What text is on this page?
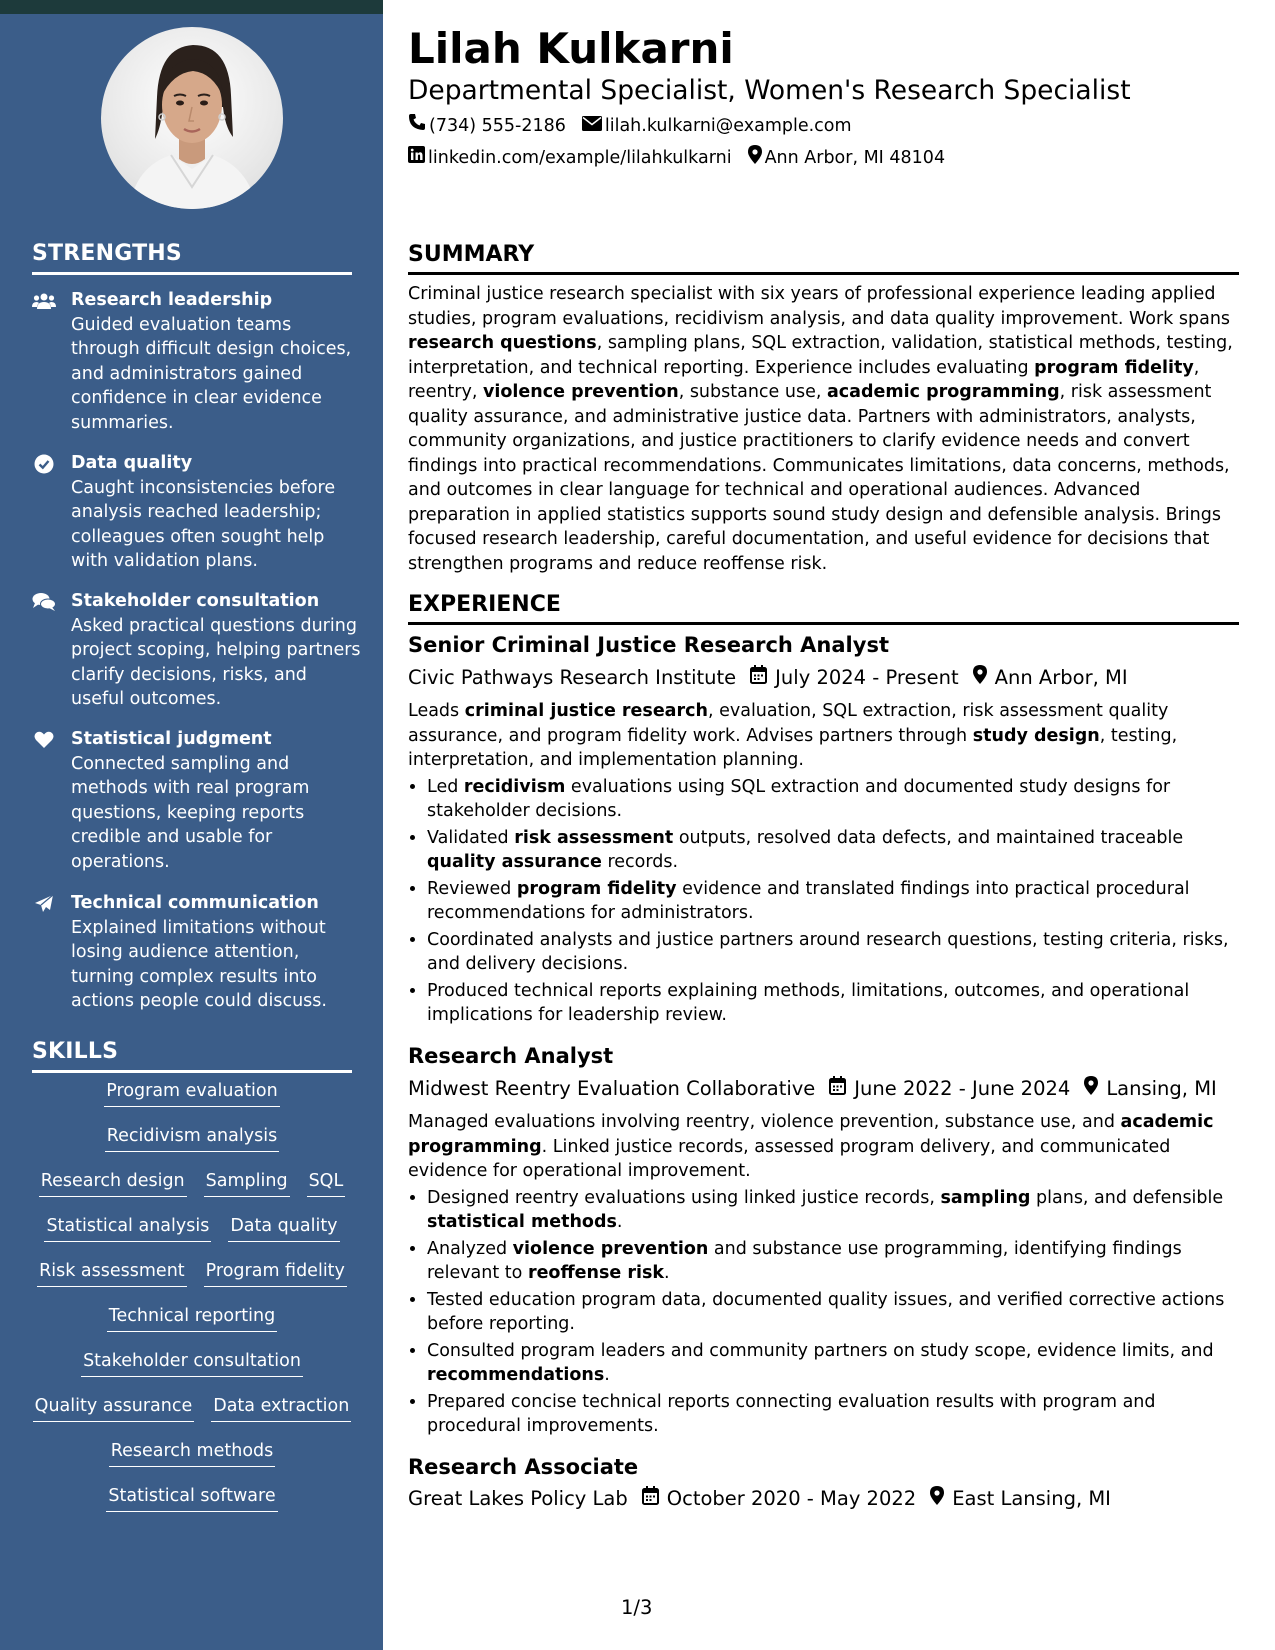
STRENGTHS
Research leadership
Guided evaluation teams through difficult design choices, and administrators gained confidence in clear evidence summaries.
Data quality
Caught inconsistencies before analysis reached leadership; colleagues often sought help with validation plans.
Stakeholder consultation
Asked practical questions during project scoping, helping partners clarify decisions, risks, and useful outcomes.
Statistical judgment
Connected sampling and methods with real program questions, keeping reports credible and usable for operations.
Technical communication
Explained limitations without losing audience attention, turning complex results into actions people could discuss.
SKILLS
Program evaluation
Recidivism analysis
Research design Sampling SQL
Statistical analysis Data quality
Risk assessment Program fidelity
Technical reporting
Stakeholder consultation
Quality assurance Data extraction
Research methods
Statistical software
Lilah Kulkarni
Departmental Specialist, Women's Research Specialist
(734) 555-2186 lilah.kulkarni@example.com
linkedin.com/example/lilahkulkarni Ann Arbor, MI 48104
SUMMARY
Criminal justice research specialist with six years of professional experience leading applied studies, program evaluations, recidivism analysis, and data quality improvement. Work spans research questions, sampling plans, SQL extraction, validation, statistical methods, testing, interpretation, and technical reporting. Experience includes evaluating program fidelity, reentry, violence prevention, substance use, academic programming, risk assessment quality assurance, and administrative justice data. Partners with administrators, analysts, community organizations, and justice practitioners to clarify evidence needs and convert findings into practical recommendations. Communicates limitations, data concerns, methods, and outcomes in clear language for technical and operational audiences. Advanced preparation in applied statistics supports sound study design and defensible analysis. Brings focused research leadership, careful documentation, and useful evidence for decisions that strengthen programs and reduce reoffense risk.
EXPERIENCE
Senior Criminal Justice Research Analyst
Civic Pathways Research Institute July 2024 - Present Ann Arbor, MI

Leads criminal justice research, evaluation, SQL extraction, risk assessment quality assurance, and program fidelity work. Advises partners through study design, testing, interpretation, and implementation planning.

• Led recidivism evaluations using SQL extraction and documented study designs for stakeholder decisions.
• Validated risk assessment outputs, resolved data defects, and maintained traceable quality assurance records.
• Reviewed program fidelity evidence and translated findings into practical procedural recommendations for administrators.
• Coordinated analysts and justice partners around research questions, testing criteria, risks, and delivery decisions.
• Produced technical reports explaining methods, limitations, outcomes, and operational implications for leadership review.
Research Analyst
Midwest Reentry Evaluation Collaborative June 2022 - June 2024 Lansing, MI

Managed evaluations involving reentry, violence prevention, substance use, and academic programming. Linked justice records, assessed program delivery, and communicated evidence for operational improvement.

• Designed reentry evaluations using linked justice records, sampling plans, and defensible statistical methods.
• Analyzed violence prevention and substance use programming, identifying findings relevant to reoffense risk.
• Tested education program data, documented quality issues, and verified corrective actions before reporting.
• Consulted program leaders and community partners on study scope, evidence limits, and recommendations.
• Prepared concise technical reports connecting evaluation results with program and procedural improvements.
Research Associate
Great Lakes Policy Lab October 2020 - May 2022 East Lansing, MI
1/3
